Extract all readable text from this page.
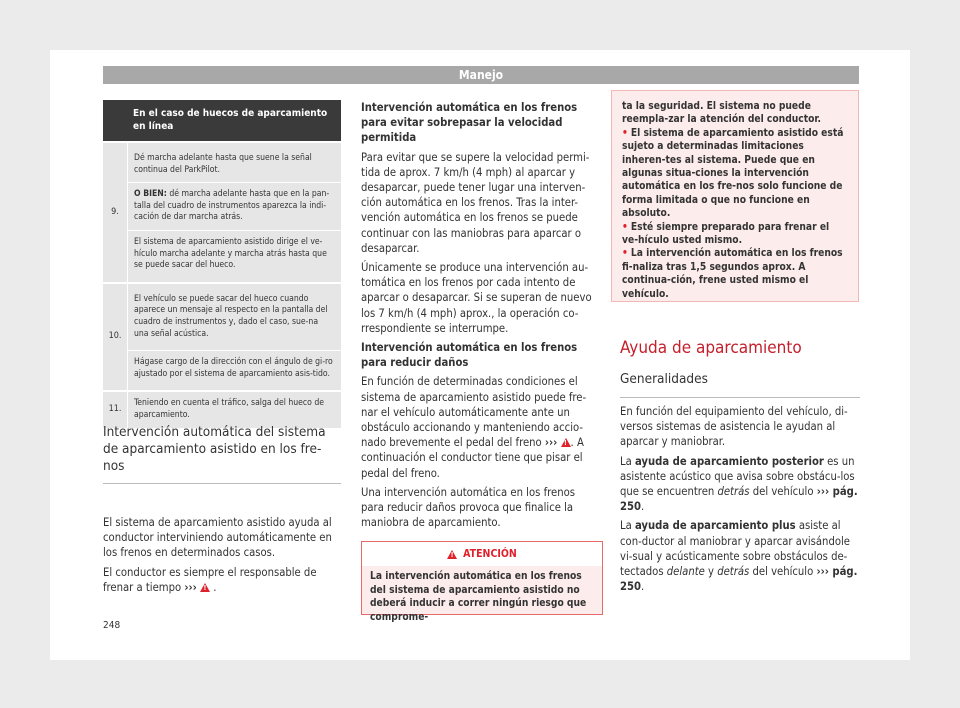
Manejo
En el caso de huecos de aparcamiento en línea
9.
Dé marcha adelante hasta que suene la señal continua del ParkPilot.
O BIEN: dé marcha adelante hasta que en la pan-talla del cuadro de instrumentos aparezca la indi-cación de dar marcha atrás.
El sistema de aparcamiento asistido dirige el ve-hículo marcha adelante y marcha atrás hasta que se puede sacar del hueco.
10.
El vehículo se puede sacar del hueco cuando aparece un mensaje al respecto en la pantalla del cuadro de instrumentos y, dado el caso, sue-na una señal acústica.
Hágase cargo de la dirección con el ángulo de gi-ro ajustado por el sistema de aparcamiento asis-tido.
11.
Teniendo en cuenta el tráfico, salga del hueco de aparcamiento.
Intervención automática del sistema de aparcamiento asistido en los fre-nos

El sistema de aparcamiento asistido ayuda al conductor interviniendo automáticamente en los frenos en determinados casos.

El conductor es siempre el responsable de frenar a tiempo ››› ! .

Intervención automática en los frenos para evitar sobrepasar la velocidad permitida

Para evitar que se supere la velocidad permi-tida de aprox. 7 km/h (4 mph) al aparcar y desaparcar, puede tener lugar una interven-ción automática en los frenos. Tras la inter-vención automática en los frenos se puede continuar con las maniobras para aparcar o desaparcar.

Únicamente se produce una intervención au-tomática en los frenos por cada intento de aparcar o desaparcar. Si se superan de nuevo los 7 km/h (4 mph) aprox., la operación co-rrespondiente se interrumpe.

Intervención automática en los frenos para reducir daños

En función de determinadas condiciones el sistema de aparcamiento asistido puede fre-nar el vehículo automáticamente ante un obstáculo accionando y manteniendo accio-nado brevemente el pedal del freno ››› ! . A continuación el conductor tiene que pisar el pedal del freno.

Una intervención automática en los frenos para reducir daños provoca que finalice la maniobra de aparcamiento.

!
ATENCIÓN
La intervención automática en los frenos del sistema de aparcamiento asistido no deberá inducir a correr ningún riesgo que comprome-
ta la seguridad. El sistema no puede reempla-zar la atención del conductor.
• El sistema de aparcamiento asistido está sujeto a determinadas limitaciones inheren-tes al sistema. Puede que en algunas situa-ciones la intervención automática en los fre-nos solo funcione de forma limitada o que no funcione en absoluto.
• Esté siempre preparado para frenar el ve-hículo usted mismo.
• La intervención automática en los frenos fi-naliza tras 1,5 segundos aprox. A continua-ción, frene usted mismo el vehículo.
Ayuda de aparcamiento
Generalidades

En función del equipamiento del vehículo, di-versos sistemas de asistencia le ayudan al aparcar y maniobrar.

La ayuda de aparcamiento posterior es un asistente acústico que avisa sobre obstácu-los que se encuentren detrás del vehículo ››› pág. 250.

La ayuda de aparcamiento plus asiste al con-ductor al maniobrar y aparcar avisándole vi-sual y acústicamente sobre obstáculos de-tectados delante y detrás del vehículo ››› pág. 250.

248
